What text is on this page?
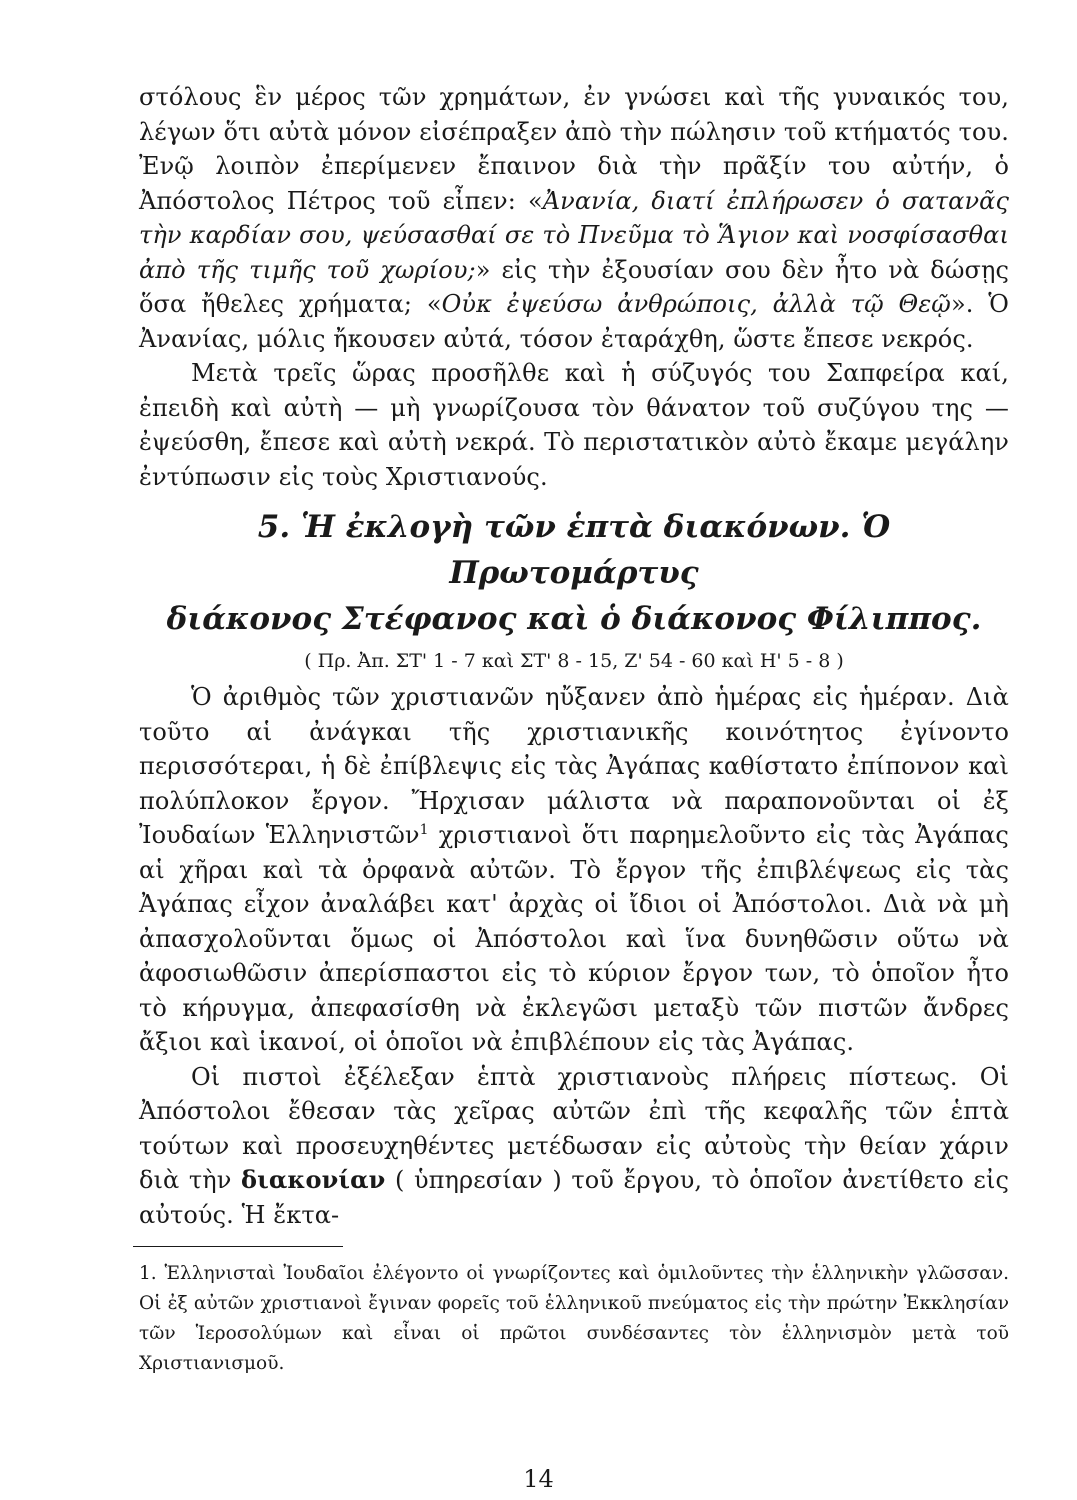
στόλους ἓν μέρος τῶν χρημάτων, ἐν γνώσει καὶ τῆς γυναικός του, λέγων ὅτι αὐτὰ μόνον εἰσέπραξεν ἀπὸ τὴν πώλησιν τοῦ κτήματός του. Ἐνῷ λοιπὸν ἐπερίμενεν ἔπαινον διὰ τὴν πρᾶξίν του αὐτήν, ὁ Ἀπόστολος Πέτρος τοῦ εἶπεν: «Ἀνανία, διατί ἐπλήρωσεν ὁ σατανᾶς τὴν καρδίαν σου, ψεύσασθαί σε τὸ Πνεῦμα τὸ Ἅγιον καὶ νοσφίσασθαι ἀπὸ τῆς τιμῆς τοῦ χωρίου;» εἰς τὴν ἐξουσίαν σου δὲν ἦτο νὰ δώσῃς ὅσα ἤθελες χρήματα; «Οὐκ ἐψεύσω ἀνθρώποις, ἀλλὰ τῷ Θεῷ». Ὁ Ἀνανίας, μόλις ἤκουσεν αὐτά, τόσον ἐταράχθη, ὥστε ἔπεσε νεκρός.

Μετὰ τρεῖς ὥρας προσῆλθε καὶ ἡ σύζυγός του Σαπφείρα καί, ἐπειδὴ καὶ αὐτὴ — μὴ γνωρίζουσα τὸν θάνατον τοῦ συζύγου της — ἐψεύσθη, ἔπεσε καὶ αὐτὴ νεκρά. Τὸ περιστατικὸν αὐτὸ ἔκαμε μεγάλην ἐντύπωσιν εἰς τοὺς Χριστιανούς.

5. Ἡ ἐκλογὴ τῶν ἑπτὰ διακόνων. Ὁ Πρωτομάρτυς
διάκονος Στέφανος καὶ ὁ διάκονος Φίλιππος.

( Πρ. Ἀπ. ΣΤ' 1 - 7 καὶ ΣΤ' 8 - 15, Ζ' 54 - 60 καὶ Η' 5 - 8 )

Ὁ ἀριθμὸς τῶν χριστιανῶν ηὔξανεν ἀπὸ ἡμέρας εἰς ἡμέραν. Διὰ τοῦτο αἱ ἀνάγκαι τῆς χριστιανικῆς κοινότητος ἐγίνοντο περισσότεραι, ἡ δὲ ἐπίβλεψις εἰς τὰς Ἀγάπας καθίστατο ἐπίπονον καὶ πολύπλοκον ἔργον. Ἤρχισαν μάλιστα νὰ παραπονοῦνται οἱ ἐξ Ἰουδαίων Ἑλληνιστῶν$^1$ χριστιανοὶ ὅτι παρημελοῦντο εἰς τὰς Ἀγάπας αἱ χῆραι καὶ τὰ ὀρφανὰ αὐτῶν. Τὸ ἔργον τῆς ἐπιβλέψεως εἰς τὰς Ἀγάπας εἶχον ἀναλάβει κατ' ἀρχὰς οἱ ἴδιοι οἱ Ἀπόστολοι. Διὰ νὰ μὴ ἀπασχολοῦνται ὅμως οἱ Ἀπόστολοι καὶ ἵνα δυνηθῶσιν οὕτω νὰ ἀφοσιωθῶσιν ἀπερίσπαστοι εἰς τὸ κύριον ἔργον των, τὸ ὁποῖον ἦτο τὸ κήρυγμα, ἀπεφασίσθη νὰ ἐκλεγῶσι μεταξὺ τῶν πιστῶν ἄνδρες ἄξιοι καὶ ἱκανοί, οἱ ὁποῖοι νὰ ἐπιβλέπουν εἰς τὰς Ἀγάπας.

Οἱ πιστοὶ ἐξέλεξαν ἑπτὰ χριστιανοὺς πλήρεις πίστεως. Οἱ Ἀπόστολοι ἔθεσαν τὰς χεῖρας αὐτῶν ἐπὶ τῆς κεφαλῆς τῶν ἑπτὰ τούτων καὶ προσευχηθέντες μετέδωσαν εἰς αὐτοὺς τὴν θείαν χάριν διὰ τὴν διακονίαν ( ὑπηρεσίαν ) τοῦ ἔργου, τὸ ὁποῖον ἀνετίθετο εἰς αὐτούς. Ἡ ἔκτα-

1. Ἑλληνισταὶ Ἰουδαῖοι ἐλέγοντο οἱ γνωρίζοντες καὶ ὁμιλοῦντες τὴν ἑλληνικὴν γλῶσσαν. Οἱ ἐξ αὐτῶν χριστιανοὶ ἔγιναν φορεῖς τοῦ ἑλληνικοῦ πνεύματος εἰς τὴν πρώτην Ἐκκλησίαν τῶν Ἱεροσολύμων καὶ εἶναι οἱ πρῶτοι συνδέσαντες τὸν ἑλληνισμὸν μετὰ τοῦ Χριστιανισμοῦ.

14
